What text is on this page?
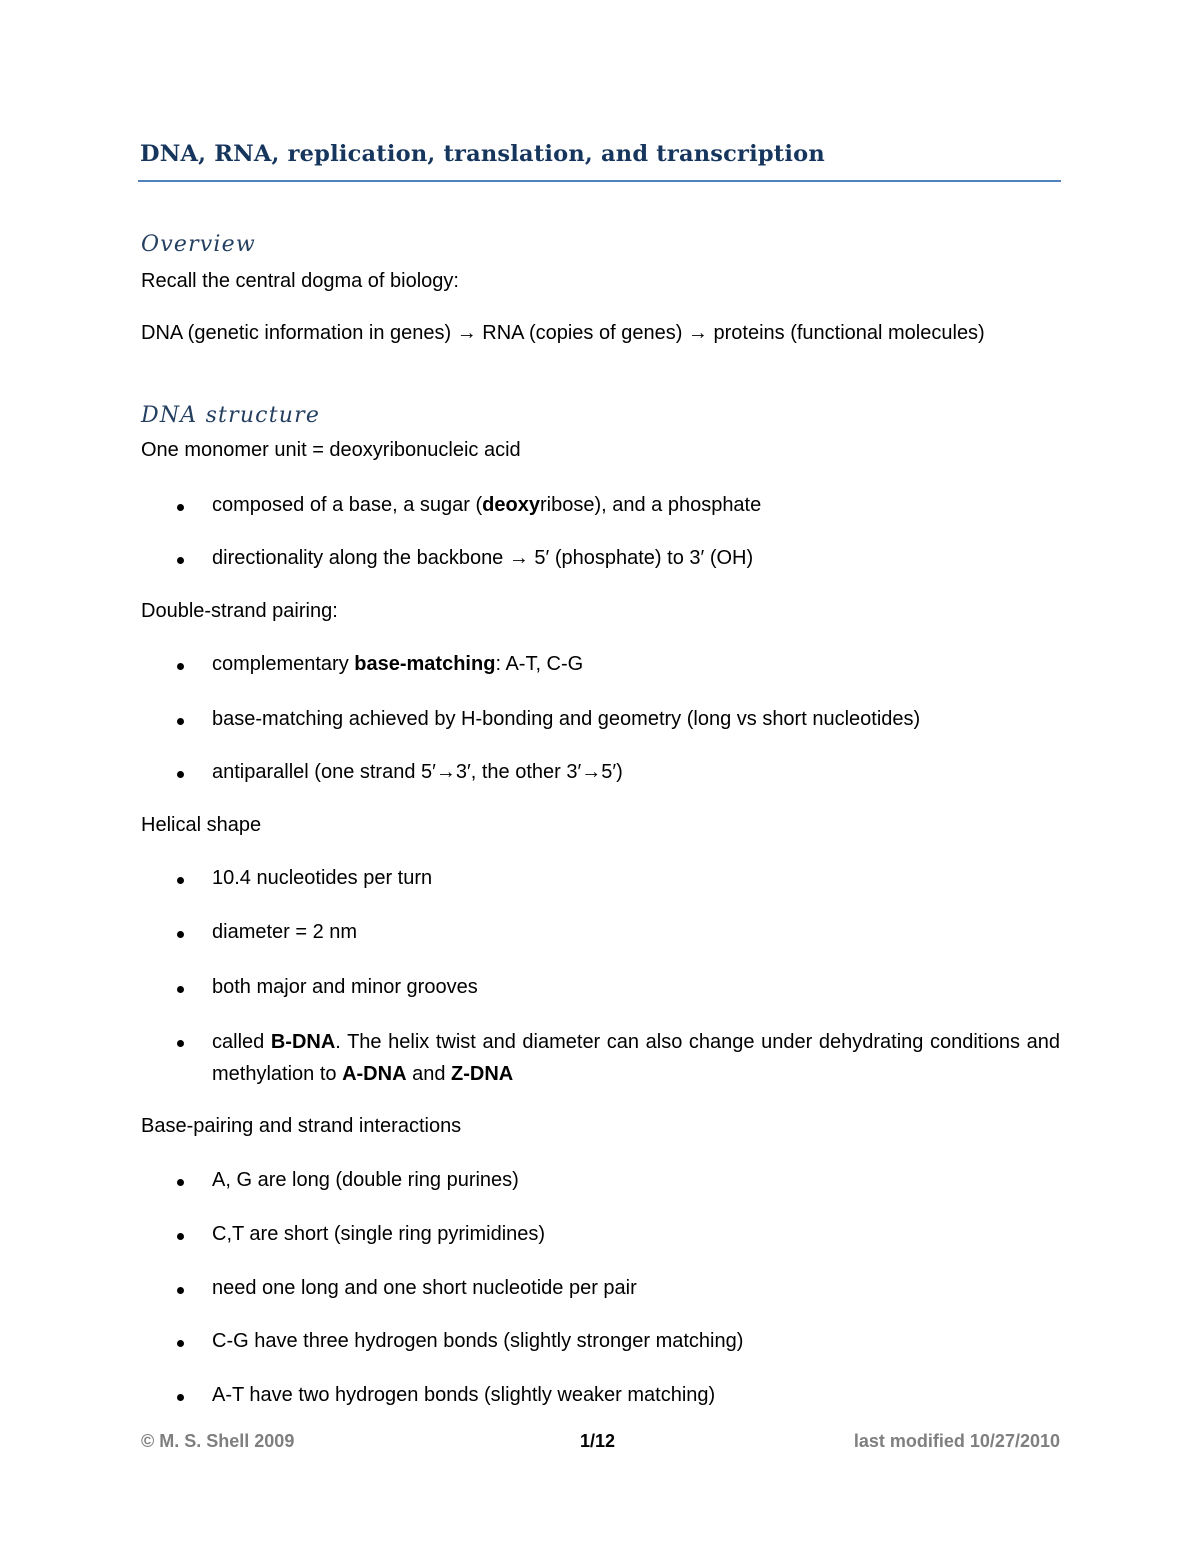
DNA, RNA, replication, translation, and transcription
Overview
Recall the central dogma of biology:
DNA (genetic information in genes) → RNA (copies of genes) → proteins (functional molecules)
DNA structure
One monomer unit = deoxyribonucleic acid
composed of a base, a sugar (deoxyribose), and a phosphate
directionality along the backbone → 5′ (phosphate) to 3′ (OH)
Double-strand pairing:
complementary base-matching: A-T, C-G
base-matching achieved by H-bonding and geometry (long vs short nucleotides)
antiparallel (one strand 5′→3′, the other 3′→5′)
Helical shape
10.4 nucleotides per turn
diameter = 2 nm
both major and minor grooves
called B-DNA. The helix twist and diameter can also change under dehydrating conditions and methylation to A-DNA and Z-DNA
Base-pairing and strand interactions
A, G are long (double ring purines)
C,T are short (single ring pyrimidines)
need one long and one short nucleotide per pair
C-G have three hydrogen bonds (slightly stronger matching)
A-T have two hydrogen bonds (slightly weaker matching)
© M. S. Shell 2009	1/12	last modified 10/27/2010
